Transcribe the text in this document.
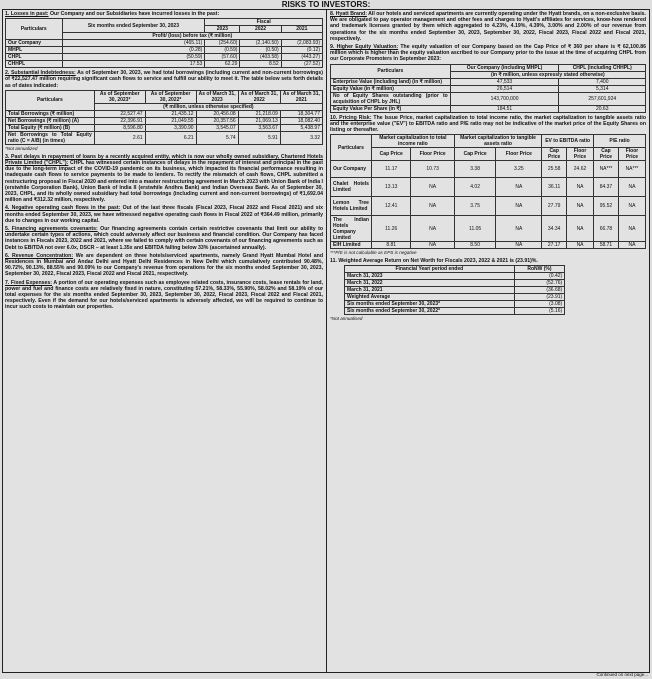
RISKS TO INVESTORS:
1. Losses in past: Our Company and our Subsidiaries have incurred losses in the past:
Particulars	Six months ended September 30, 2023	Fiscal		
		2023	2022	2021
	Profit/ (loss) before tax (₹ million)			
Our Company	(465.11)	(254.60)	(2,140.50)	(2,083.93)
MHPL	(0.28)	(0.59)	(0.50)	(0.12)
CHPL	(50.59)	(57.60)	(403.58)	(443.27)
CHHPL	17.53	62.29	8.52	(27.52)
2. Substantial Indebtedness: As of September 30, 2023, we had total borrowings (including current and non-current borrowings) of ₹22,527.47 million requiring significant cash flows to service and fulfill our ability to meet it. The table below sets forth details as of dates indicated:
Particulars	As of September 30, 2023*	As of September 30, 2022*	As of March 31, 2023	As of March 31, 2022	As of March 31, 2021
	(₹ million, unless otherwise specified)				
Total Borrowings (₹ million)	22,527.47	21,435.12	20,456.08	21,218.09	18,304.77
Net Borrowings (₹ million) (A)	22,396.91	21,049.55	20,357.56	21,069.13	18,082.40
Total Equity (₹ million) (B)	8,596.80	3,390.90	3,545.07	3,563.67	5,438.97
Net Borrowings to Total Equity ratio (C = A/B) (in times)	2.61	6.21	5.74	5.91	3.32
*Not annualized
3. Past delays in repayment of loans by a recently acquired entity, which is now our wholly owned subsidiary, Chartered Hotels Private Limited ("CHPL"): CHPL has witnessed certain instances of delays in the repayment of interest and principal in the past due to the long-term impact of the COVID-19 pandemic on its business, which impacted its financial performance resulting in inadequate cash flows to service payments to be made to lenders. To rectify the mismatch of cash flows, CHPL submitted a restructuring proposal in Fiscal 2020 and entered into a master restructuring agreement in March 2023 with Union Bank of India I (erstwhile Corporation Bank), Union Bank of India II (erstwhile Andhra Bank) and Indian Overseas Bank. As of September 30, 2023, CHPL, and its wholly owned subsidiary had total borrowings (including current and non-current borrowings) of ₹1,692.04 million and ₹312.32 million, respectively.
4. Negative operating cash flows in the past: Out of the last three fiscals (Fiscal 2023, Fiscal 2022 and Fiscal 2021) and six months ended September 30, 2023, we have witnessed negative operating cash flows in Fiscal 2022 of ₹364.49 million, primarily due to changes in our working capital.
5. Financing agreements covenants: Our financing agreements contain certain restrictive covenants that limit our ability to undertake certain types of actions, which could adversely affect our business and financial condition. Our Company has faced instances in Fiscals 2023, 2022 and 2021, where we failed to comply with certain covenants of our financing agreements such as Debt to EBITDA not over 6.0x, DSCR – at least 1.35x and EBITDA falling below 33% (ascertained annually).
6. Revenue Concentration: We are dependent on three hotels/serviced apartments, namely Grand Hyatt Mumbai Hotel and Residences in Mumbai and Andaz Delhi and Hyatt Delhi Residences in New Delhi which cumulatively contributed 90.48%, 90.72%, 90.13%, 88.55% and 90.09% to our Company's revenue from operations for the six months ended September 30, 2023, September 30, 2022, Fiscal 2023, Fiscal 2022 and Fiscal 2021, respectively.
7. Fixed Expenses: A portion of our operating expenses such as employee related costs, insurance costs, lease rentals for land, power and fuel and finance costs are relatively fixed in nature, constituting 57.21%, 58.33%, 55.90%, 58.02% and 58.19% of our total expenses for the six months ended September 30, 2023, September 30, 2022, Fiscal 2023, Fiscal 2022 and Fiscal 2021, respectively. Even if the demand for our hotels/serviced apartments is adversely affected, we will be required to continue to incur such costs to maintain our properties.
8. Hyatt Brand: All our hotels and serviced apartments are currently operating under the Hyatt brands, on a non-exclusive basis. We are obligated to pay operator management and other fees and charges to Hyatt's affiliates for services, know-how rendered and trademark licenses granted by them which aggregated to 4.23%, 4.19%, 4.39%, 3.00% and 2.00% of our revenue from operations for the six months ended September 30, 2023, September 30, 2022, Fiscal 2023, Fiscal 2022 and Fiscal 2021, respectively.
9. Higher Equity Valuation: The equity valuation of our Company based on the Cap Price of ₹ 360 per share is ₹ 62,100.86 million which is higher than the equity valuation ascribed to our Company prior to the issue at the time of acquiring CHPL from our Corporate Promoters in September 2023:
Particulars	Our Company (including MHPL)	CHPL (including CHHPL)
	(in ₹ million, unless expressly stated otherwise)	
Enterprise Value (including land) (in ₹ million)	47,533	7,400
Equity Value (in ₹ million)	26,514	5,314
No of Equity Shares outstanding (prior to acquisition of CHPL by JHL)	143,700,000	257,601,924
Equity Value Per Share (in ₹)	184.51	20.63
10. Pricing Risk: The Issue Price, market capitalization to total income ratio, the market capitalization to tangible assets ratio and the enterprise value ("EV") to EBITDA ratio and P/E ratio may not be indicative of the market price of the Equity Shares on listing or thereafter.
Particulars	Market capitalization to total income ratio		Market capitalization to tangible assets ratio		EV to EBITDA ratio		P/E ratio	
	Cap Price	Floor Price	Cap Price	Floor Price	Cap Price	Floor Price	Cap Price	Floor Price
Our Company	11.17	10.73	3.38	3.25	25.58	24.62	NA***	NA***
Chalet Hotels Limited	13.13	NA	4.02	NA	36.11	NA	84.37	NA
Lemon Tree Hotels Limited	12.41	NA	3.75	NA	27.79	NA	95.52	NA
The Indian Hotels Company Limited	11.26	NA	11.05	NA	34.34	NA	66.78	NA
EIH Limited	8.81	NA	8.50	NA	27.17	NA	58.71	NA
***P/E is not calculable as EPS is negative
11. Weighted Average Return on Net Worth for Fiscals 2023, 2022 & 2021 is (23.91)%.
Financial Year/ period ended	RoNW (%)
March 31, 2023	(0.42)
March 31, 2022	(52.76)
March 31, 2021	(36.68)
Weighted Average	(23.91)
Six months ended September 30, 2023*	(3.08)
Six months ended September 30, 2022*	(5.16)
*Not annualised
Continued on next page...
